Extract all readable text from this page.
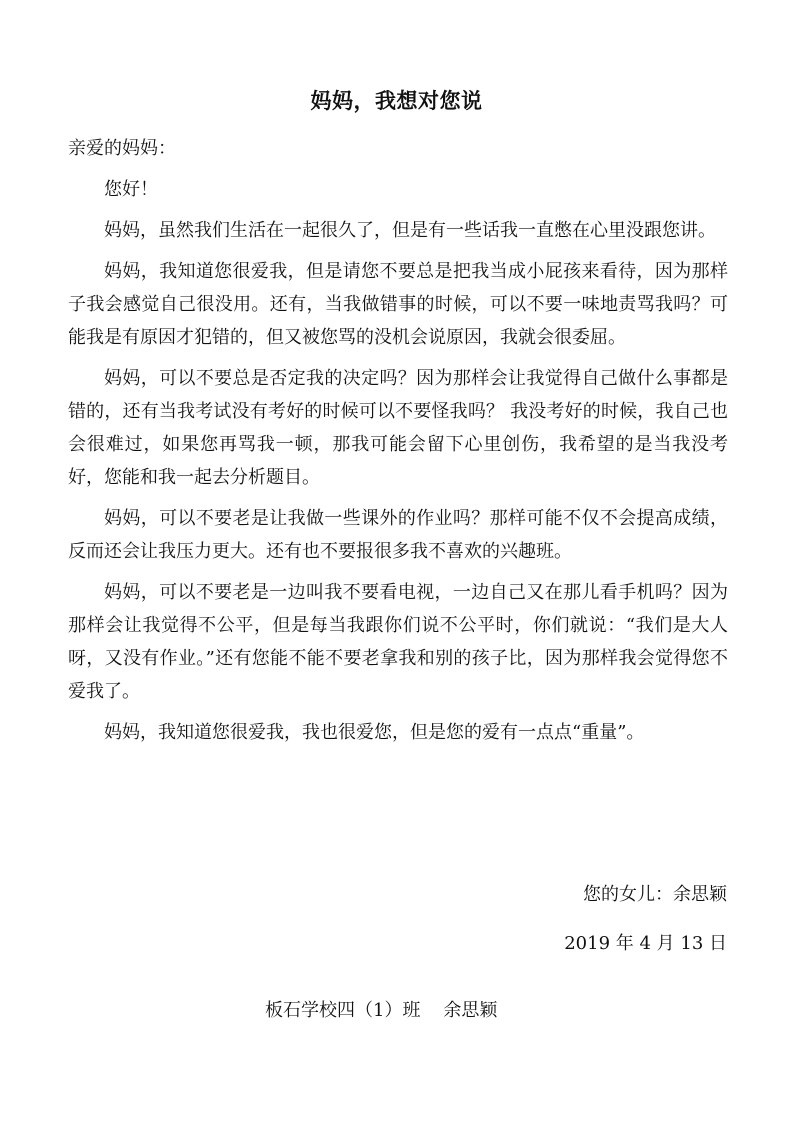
妈妈，我想对您说

亲爱的妈妈：

您好！

妈妈，虽然我们生活在一起很久了，但是有一些话我一直憋在心里没跟您讲。

妈妈，我知道您很爱我，但是请您不要总是把我当成小屁孩来看待，因为那样子我会感觉自己很没用。还有，当我做错事的时候，可以不要一味地责骂我吗？可能我是有原因才犯错的，但又被您骂的没机会说原因，我就会很委屈。

妈妈，可以不要总是否定我的决定吗？因为那样会让我觉得自己做什么事都是错的，还有当我考试没有考好的时候可以不要怪我吗？ 我没考好的时候，我自己也会很难过，如果您再骂我一顿，那我可能会留下心里创伤，我希望的是当我没考好，您能和我一起去分析题目。

妈妈，可以不要老是让我做一些课外的作业吗？那样可能不仅不会提高成绩，反而还会让我压力更大。还有也不要报很多我不喜欢的兴趣班。

妈妈，可以不要老是一边叫我不要看电视，一边自己又在那儿看手机吗？因为那样会让我觉得不公平，但是每当我跟你们说不公平时，你们就说：“我们是大人呀，又没有作业。”还有您能不能不要老拿我和别的孩子比，因为那样我会觉得您不爱我了。

妈妈，我知道您很爱我，我也很爱您，但是您的爱有一点点“重量”。

您的女儿：余思颖
2019 年 4 月 13 日
板石学校四（1）班    余思颖
